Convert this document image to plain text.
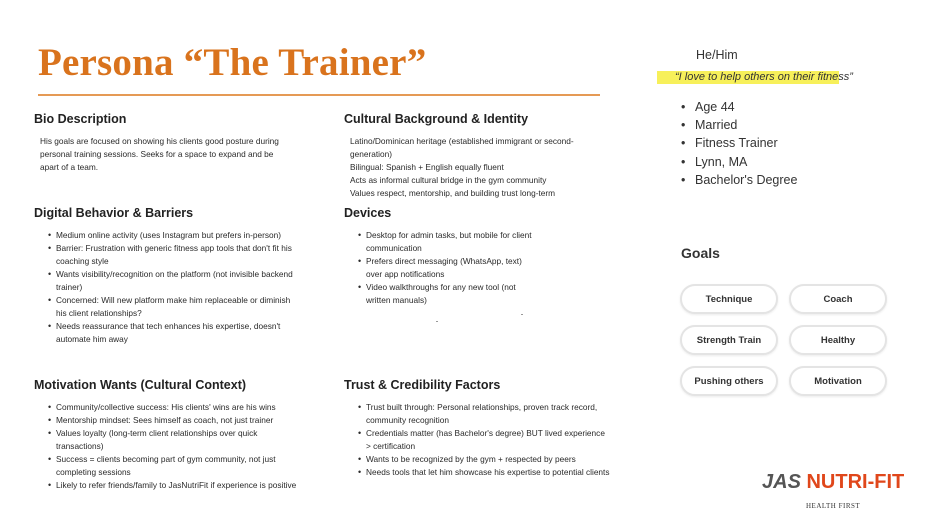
Persona “The Trainer”
Bio Description

His goals are focused on showing his clients good posture during personal training sessions. Seeks for a space to expand and be apart of a team.

Cultural Background & Identity

Latino/Dominican heritage (established immigrant or second-generation)

Bilingual: Spanish + English equally fluent

Acts as informal cultural bridge in the gym community

Values respect, mentorship, and building trust long-term

Digital Behavior & Barriers
• Medium online activity (uses Instagram but prefers in-person)
• Barrier: Frustration with generic fitness app tools that don't fit his coaching style
• Wants visibility/recognition on the platform (not invisible backend trainer)
• Concerned: Will new platform make him replaceable or diminish his client relationships?
• Needs reassurance that tech enhances his expertise, doesn't automate him away
Devices
• Desktop for admin tasks, but mobile for client communication
• Prefers direct messaging (WhatsApp, text) over app notifications
• Video walkthroughs for any new tool (not written manuals)
Motivation Wants (Cultural Context)
• Community/collective success: His clients' wins are his wins
• Mentorship mindset: Sees himself as coach, not just trainer
• Values loyalty (long-term client relationships over quick transactions)
• Success = clients becoming part of gym community, not just completing sessions
• Likely to refer friends/family to JasNutriFit if experience is positive
Trust & Credibility Factors
• Trust built through: Personal relationships, proven track record, community recognition
• Credentials matter (has Bachelor's degree) BUT lived experience > certification
• Wants to be recognized by the gym + respected by peers
• Needs tools that let him showcase his expertise to potential clients
He/Him
“I love to help others on their fitness”
• Age 44
• Married
• Fitness Trainer
• Lynn, MA
• Bachelor's Degree
Goals
Technique	Coach
Strength Train	Healthy
Pushing others	Motivation
JAS NUTRI-FIT
HEALTH FIRST
